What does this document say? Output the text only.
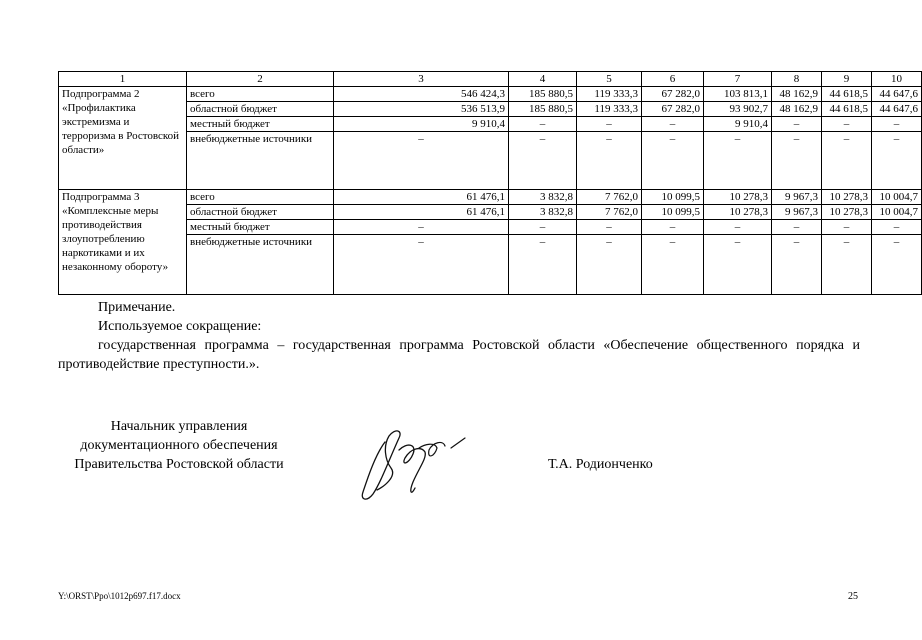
1	2	3	4	5	6	7	8	9	10
Подпрограмма 2 «Профилактика экстремизма и терроризма в Ростовской области»	всего	546 424,3	185 880,5	119 333,3	67 282,0	103 813,1	48 162,9	44 618,5	44 647,6
	областной бюджет	536 513,9	185 880,5	119 333,3	67 282,0	93 902,7	48 162,9	44 618,5	44 647,6
	местный бюджет	9 910,4	–	–	–	9 910,4	–	–	–
	внебюджетные источники	–	–	–	–	–	–	–	–
Подпрограмма 3 «Комплексные меры противодействия злоупотреблению наркотиками и их незаконному обороту»	всего	61 476,1	3 832,8	7 762,0	10 099,5	10 278,3	9 967,3	10 278,3	10 004,7
	областной бюджет	61 476,1	3 832,8	7 762,0	10 099,5	10 278,3	9 967,3	10 278,3	10 004,7
	местный бюджет	–	–	–	–	–	–	–	–
	внебюджетные источники	–	–	–	–	–	–	–	–
Примечание.
Используемое сокращение:
государственная программа – государственная программа Ростовской области «Обеспечение общественного порядка и противодействие преступности.».
Начальник управления
документационного обеспечения
Правительства Ростовской области	Т.А. Родионченко
Y:\ORST\Ppo\1012p697.f17.docx	25
